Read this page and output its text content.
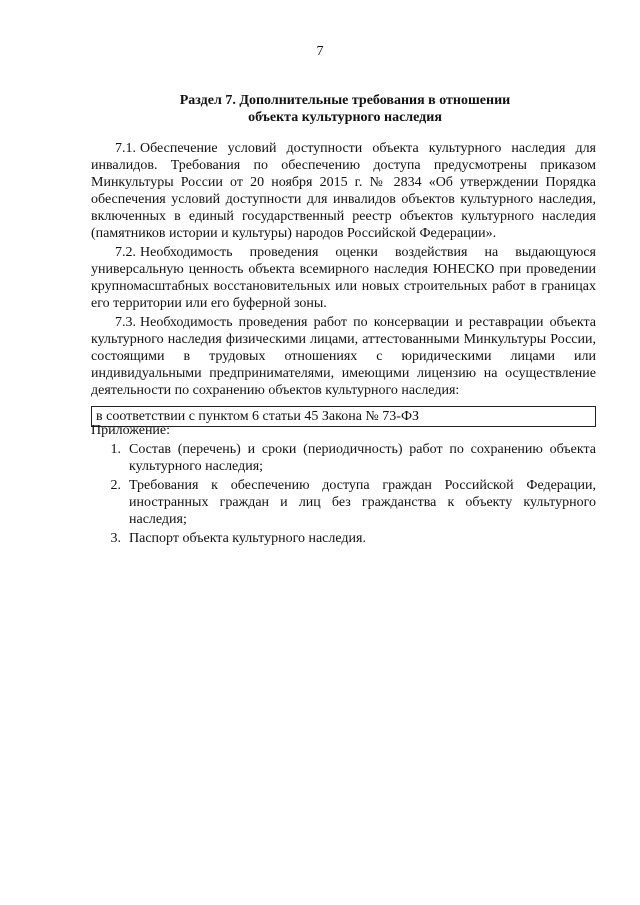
7
Раздел 7. Дополнительные требования в отношении
объекта культурного наследия

7.1. Обеспечение условий доступности объекта культурного наследия для инвалидов. Требования по обеспечению доступа предусмотрены приказом Минкультуры России от 20 ноября 2015 г. № 2834 «Об утверждении Порядка обеспечения условий доступности для инвалидов объектов культурного наследия, включенных в единый государственный реестр объектов культурного наследия (памятников истории и культуры) народов Российской Федерации».

7.2. Необходимость проведения оценки воздействия на выдающуюся универсальную ценность объекта всемирного наследия ЮНЕСКО при проведении крупномасштабных восстановительных или новых строительных работ в границах его территории или его буферной зоны.

7.3. Необходимость проведения работ по консервации и реставрации объекта культурного наследия физическими лицами, аттестованными Минкультуры России, состоящими в трудовых отношениях с юридическими лицами или индивидуальными предпринимателями, имеющими лицензию на осуществление деятельности по сохранению объектов культурного наследия:

в соответствии с пунктом 6 статьи 45 Закона № 73-ФЗ
Приложение:
1. Состав (перечень) и сроки (периодичность) работ по сохранению объекта культурного наследия;
2. Требования к обеспечению доступа граждан Российской Федерации, иностранных граждан и лиц без гражданства к объекту культурного наследия;
3. Паспорт объекта культурного наследия.
